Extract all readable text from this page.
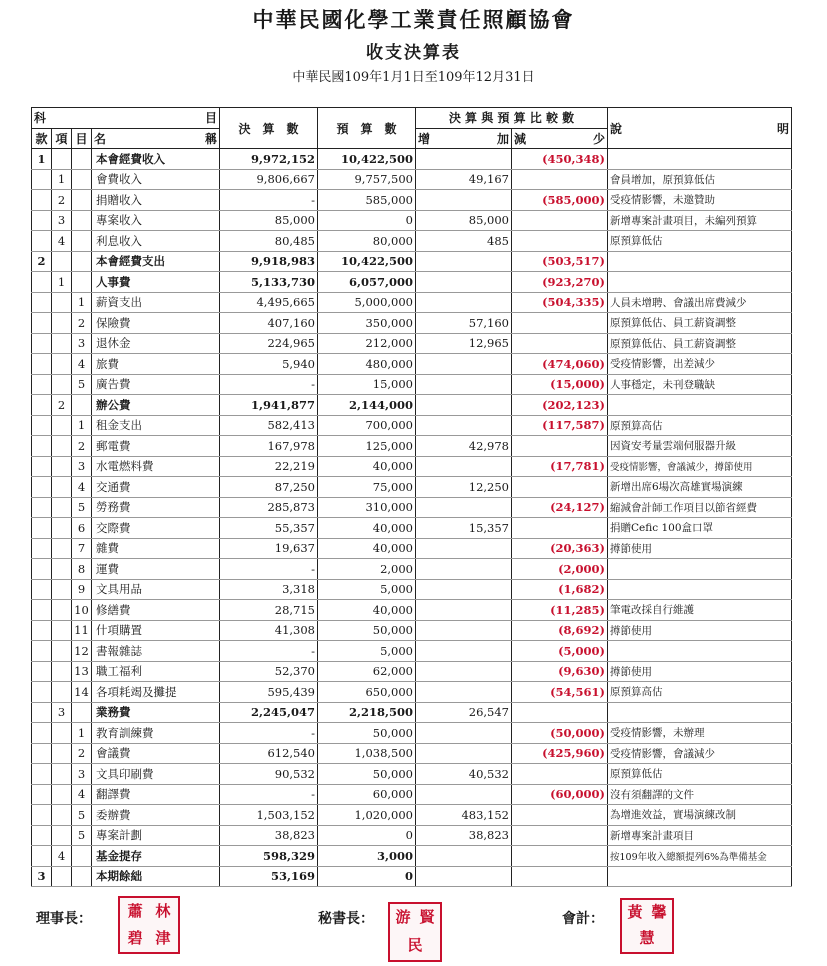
中華民國化學工業責任照顧協會
收支決算表
中華民國109年1月1日至109年12月31日
科 目				決　算　數	預　算　數	決 算 與 預 算 比 較 數		說 明

款	項	目	名 稱			增 加	減 少	

1			本會經費收入	9,972,152	10,422,500		(450,348)	
	1		會費收入	9,806,667	9,757,500	49,167		會員增加，原預算低估
	2		捐贈收入	-	585,000		(585,000)	受疫情影響，未邀贊助
	3		專案收入	85,000	0	85,000		新增專案計畫項目，未編列預算
	4		利息收入	80,485	80,000	485		原預算低估
2			本會經費支出	9,918,983	10,422,500		(503,517)	
	1		人事費	5,133,730	6,057,000		(923,270)	
		1	薪資支出	4,495,665	5,000,000		(504,335)	人員未增聘、會議出席費減少
		2	保險費	407,160	350,000	57,160		原預算低估、員工薪資調整
		3	退休金	224,965	212,000	12,965		原預算低估、員工薪資調整
		4	旅費	5,940	480,000		(474,060)	受疫情影響，出差減少
		5	廣告費	-	15,000		(15,000)	人事穩定，未刊登職缺
	2		辦公費	1,941,877	2,144,000		(202,123)	
		1	租金支出	582,413	700,000		(117,587)	原預算高估
		2	郵電費	167,978	125,000	42,978		因資安考量雲端伺服器升級
		3	水電燃料費	22,219	40,000		(17,781)	受疫情影響，會議減少，撙節使用
		4	交通費	87,250	75,000	12,250		新增出席6場次高雄實場演練
		5	勞務費	285,873	310,000		(24,127)	縮減會計師工作項目以節省經費
		6	交際費	55,357	40,000	15,357		捐贈Cefic 100盒口罩
		7	雜費	19,637	40,000		(20,363)	撙節使用
		8	運費	-	2,000		(2,000)	
		9	文具用品	3,318	5,000		(1,682)	
		10	修繕費	28,715	40,000		(11,285)	筆電改採自行維護
		11	什項購置	41,308	50,000		(8,692)	撙節使用
		12	書報雜誌	-	5,000		(5,000)	
		13	職工福利	52,370	62,000		(9,630)	撙節使用
		14	各項耗竭及攤提	595,439	650,000		(54,561)	原預算高估
	3		業務費	2,245,047	2,218,500	26,547		
		1	教育訓練費	-	50,000		(50,000)	受疫情影響，未辦理
		2	會議費	612,540	1,038,500		(425,960)	受疫情影響，會議減少
		3	文具印刷費	90,532	50,000	40,532		原預算低估
		4	翻譯費	-	60,000		(60,000)	沒有須翻譯的文件
		5	委辦費	1,503,152	1,020,000	483,152		為增進效益，實場演練改制
		5	專案計劃	38,823	0	38,823		新增專案計畫項目
	4		基金提存	598,329	3,000			按109年收入總額提列6%為準備基金
3			本期餘絀	53,169	0			
理事長：	蕭 林
碧 津
秘書長： 游 賢
民
會計： 黃 馨
慧
